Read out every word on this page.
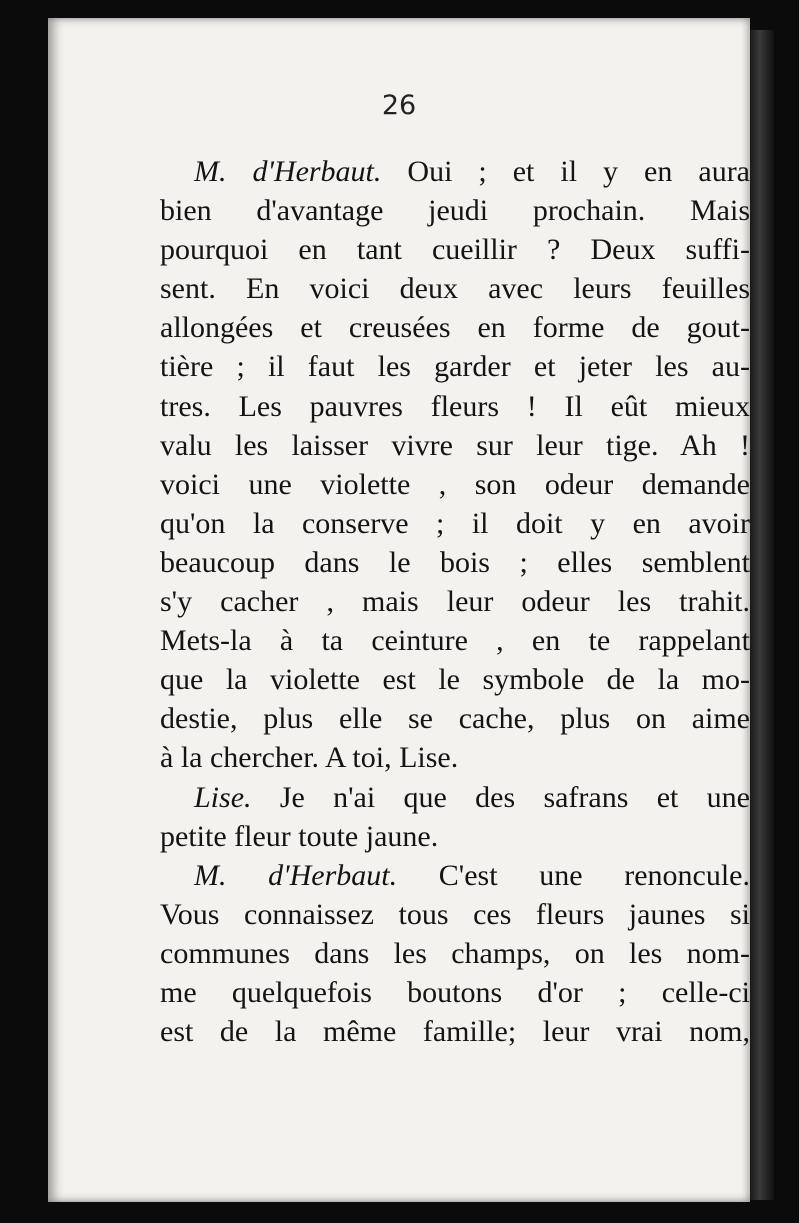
26
M. d'Herbaut. Oui ; et il y en aura
bien d'avantage jeudi prochain. Mais
pourquoi en tant cueillir ? Deux suffi-
sent. En voici deux avec leurs feuilles
allongées et creusées en forme de gout-
tière ; il faut les garder et jeter les au-
tres. Les pauvres fleurs ! Il eût mieux
valu les laisser vivre sur leur tige. Ah !
voici une violette , son odeur demande
qu'on la conserve ; il doit y en avoir
beaucoup dans le bois ; elles semblent
s'y cacher , mais leur odeur les trahit.
Mets-la à ta ceinture , en te rappelant
que la violette est le symbole de la mo-
destie, plus elle se cache, plus on aime
à la chercher. A toi, Lise.
Lise. Je n'ai que des safrans et une
petite fleur toute jaune.
M. d'Herbaut. C'est une renoncule.
Vous connaissez tous ces fleurs jaunes si
communes dans les champs, on les nom-
me quelquefois boutons d'or ; celle-ci
est de la même famille; leur vrai nom,
